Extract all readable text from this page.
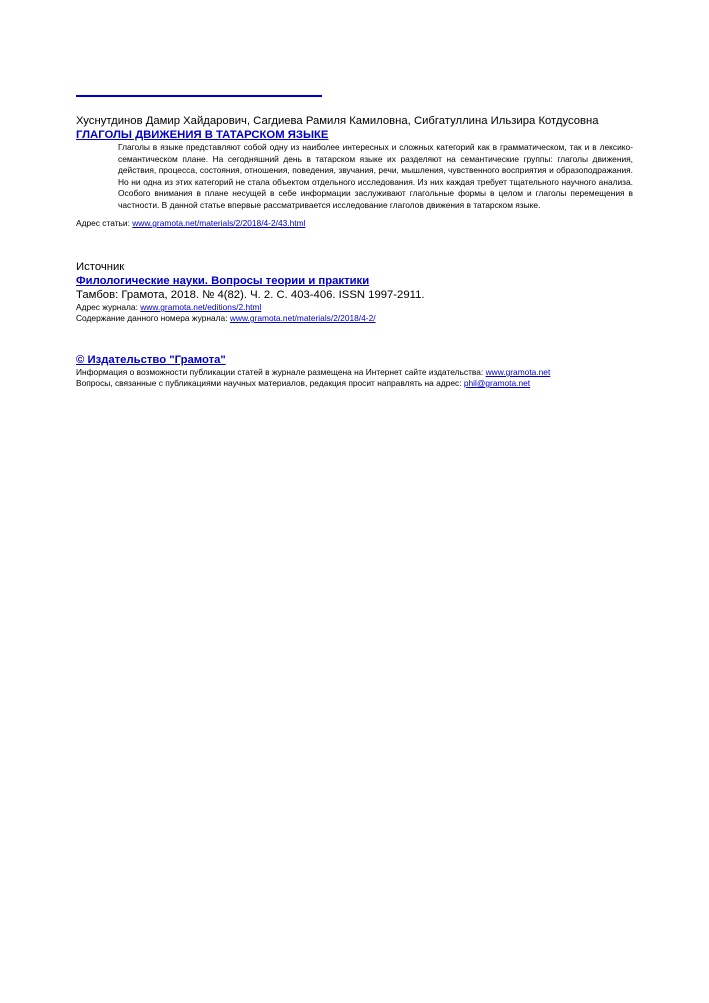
Хуснутдинов Дамир Хайдарович, Сагдиева Рамиля Камиловна, Сибгатуллина Ильзира Котдусовна
ГЛАГОЛЫ ДВИЖЕНИЯ В ТАТАРСКОМ ЯЗЫКЕ
Глаголы в языке представляют собой одну из наиболее интересных и сложных категорий как в грамматическом, так и в лексико-семантическом плане. На сегодняшний день в татарском языке их разделяют на семантические группы: глаголы движения, действия, процесса, состояния, отношения, поведения, звучания, речи, мышления, чувственного восприятия и образоподражания. Но ни одна из этих категорий не стала объектом отдельного исследования. Из них каждая требует тщательного научного анализа. Особого внимания в плане несущей в себе информации заслуживают глагольные формы в целом и глаголы перемещения в частности. В данной статье впервые рассматривается исследование глаголов движения в татарском языке.
Адрес статьи: www.gramota.net/materials/2/2018/4-2/43.html
Источник
Филологические науки. Вопросы теории и практики
Тамбов: Грамота, 2018. № 4(82). Ч. 2. C. 403-406. ISSN 1997-2911.
Адрес журнала: www.gramota.net/editions/2.html
Содержание данного номера журнала: www.gramota.net/materials/2/2018/4-2/
© Издательство "Грамота"
Информация о возможности публикации статей в журнале размещена на Интернет сайте издательства: www.gramota.net
Вопросы, связанные с публикациями научных материалов, редакция просит направлять на адрес: phil@gramota.net
